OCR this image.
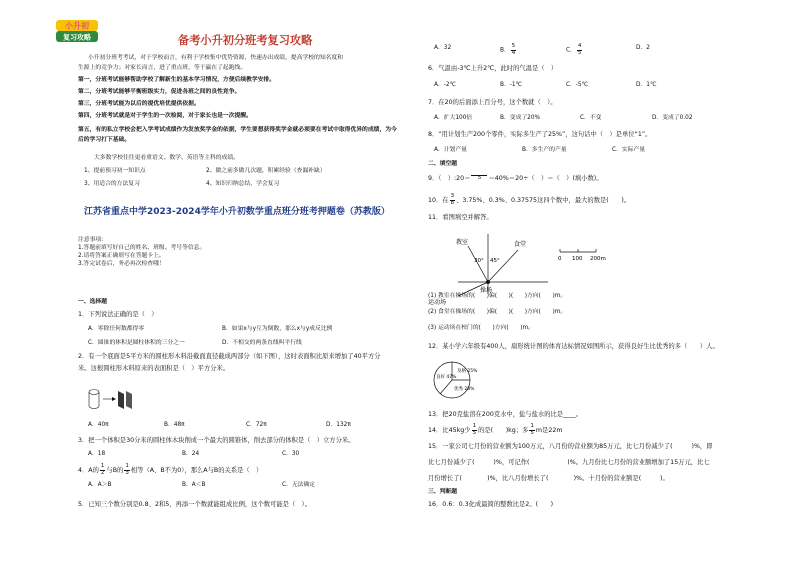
小升初
复习攻略	备考小升初分班考复习攻略
小升初分班考考试，对于学校而言，有利于学校集中优势资源，快速办出成绩，提高学校的知名度和
生源上的竞争力；对家长而言，进了重点班，等于赢在了起跑线。
第一，分班考试能够帮助学校了解新生的基本学习情况，方便后续教学安排。
第二，分班考试能够平衡班级实力，促进各班之间的良性竞争。
第三，分班考试能为以后的提优培优提供依据。
第四，分班考试就是对于学生的一次检阅，对于家长也是一次提醒。
第五，有的私立学校会把入学考试成绩作为发放奖学金的依据，学生要想获得奖学金就必须要在考试中取得优异的成绩，为今后的学习打下基础。
大多数学校往往更看重语文、数学、英语等主科的成绩。
1、提前预习初一知识点	2、做之前多做几次题，积累经验（查漏补缺）
3、用适合的方法复习	4、知识归纳总结，学会复习
江苏省重点中学2023-2024学年小升初数学重点班分班考押题卷（苏教版）
注意事项：
1.答题前填写好自己的姓名、班级、考号等信息。
2.请将答案正确填写在答题卡上。
3.答完试卷后，务必再次检查哦！
一、选择题
1．下列说法正确的是（　）
A．零除任何数都得零	B．如果x与y互为倒数，那么x与y成反比例
C．圆锥的体积是圆柱体积的三分之一	D．不相交的两条直线叫平行线
2．有一个底面是5平方米的圆柱形木料沿截面直径截成两部分（如下图），这时表面积比原来增加了40平方分
米。这根圆柱形木料原来的表面积是（　）平方分米。
A．40π	B．48π	C．72π	D．132π
3．把一个体积是30分米的圆柱体木块削成一个最大的圆锥体，削去部分的体积是（　）立方分米。
A．18	B．24	C．30
4．A的 $\frac{1}{2}$ 与B的 $\frac{1}{3}$ 相等（A、B不为0），那么A与B的关系是（　）
A．A＞B	B．A＜B	C．无法确定
5．已知三个数分别是0.8、2和5，再添一个数就能组成比例，这个数可能是（　）。
A．32	B． $\frac{5}{4}$	C． $\frac{4}{5}$	D．2
6．气温由-3℃上升2℃，此时的气温是（　）
A．-2℃	B．-1℃	C．-5℃	D．1℃
7．在20的后面添上百分号，这个数就（　）。
A．扩大100倍	B．变成了20%	C．不变	D．变成了0.02
8．“用计划生产200个零件，实际多生产了25%”，这句话中（　）是单位“1”。
A．计划产量	B．多生产的产量	C．实际产量
二、填空题
9．（　）:20＝	5	＝40%＝20÷（　）＝（　）(填小数)。
10．在 $\frac{3}{8}$ 、3.75%、0.3%、0.37575这四个数中，最大的数是(　　)。
11．看图填空并解答。
教室	食堂
30° 45°
操场
运动场
0 100 200m
(1) 教室在操场的(　　)偏(　　)(　　)方向(　　)m。
(2) 食堂在操场的(　　)偏(　　)(　　)方向(　　)m。
(3) 运动场在校门的(　　)方向(　　)m。
12．某小学六年级有400人，扇形统计图的体育达标情况如图所示，获得良好生比优秀的多（　　）人。
及格 25%
良好 47%
优秀 28%
13．把20克盐溶在200克水中，盐与盐水的比是____。
14．比45kg少 $\frac{1}{5}$ 的是(　　)kg；多 $\frac{1}{5}$ m是22m
15．一家公司七月份的营业额为100万元，八月份的营业额为85万元，比七月份减少了(　　　)%，即
比七月份减少了(　　　)%，可记作(　　　　　　)%。九月份比七月份的营业额增加了15万元，比七
月份增长了(　　　　)%，比八月份增长了(　　　　)%。十月份的营业额是(　　　)。
三、判断题
16．0.6：0.3化成最简的整数比是2。(　　)
